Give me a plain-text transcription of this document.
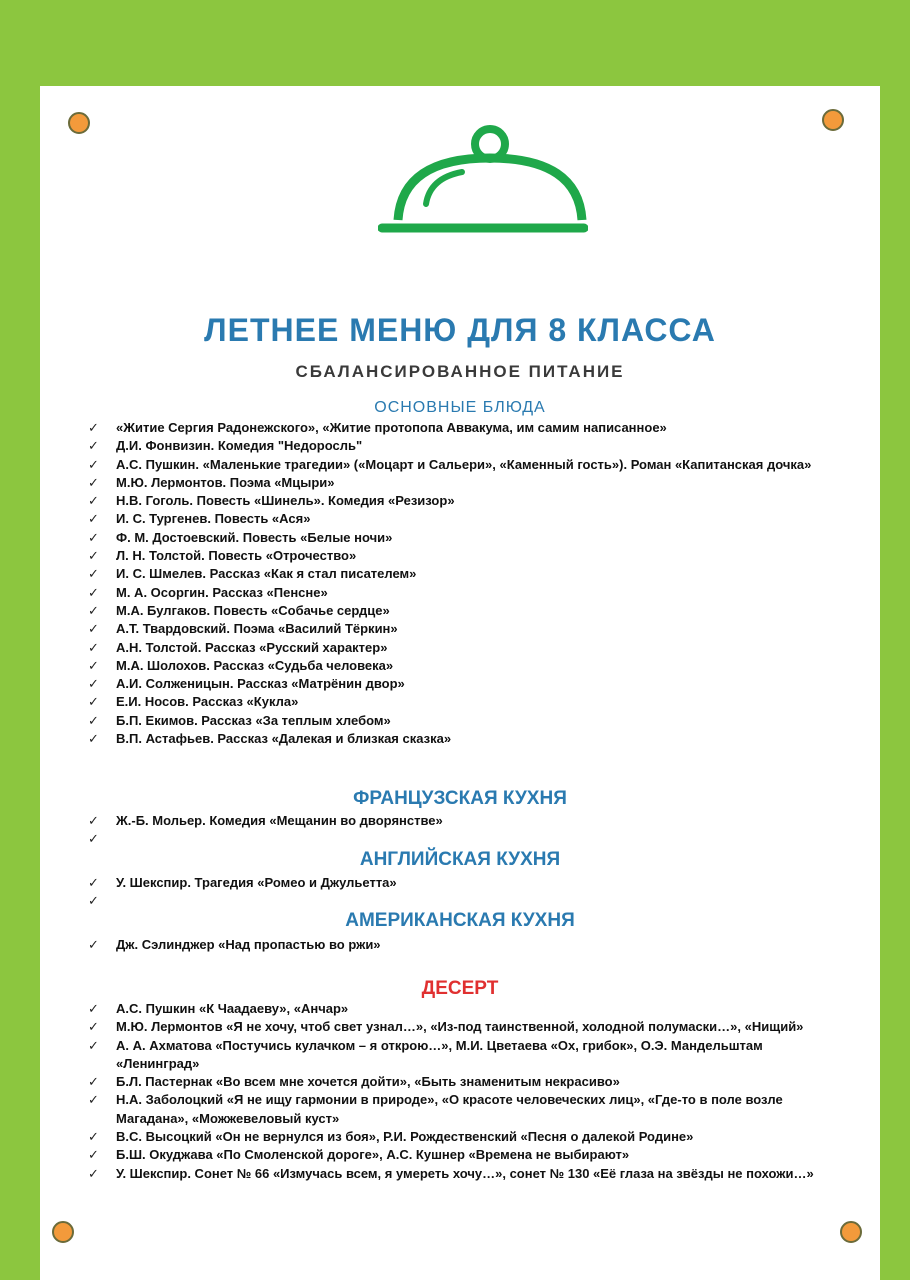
ЛЕТНЕЕ МЕНЮ ДЛЯ 8 КЛАССА
СБАЛАНСИРОВАННОЕ ПИТАНИЕ
ОСНОВНЫЕ БЛЮДА
✓ «Житие Сергия Радонежского», «Житие протопопа Аввакума, им самим написанное»
✓ Д.И. Фонвизин. Комедия "Недоросль"
✓ А.С. Пушкин. «Маленькие трагедии» («Моцарт и Сальери», «Каменный гость»). Роман «Капитанская дочка»
✓ М.Ю. Лермонтов. Поэма «Мцыри»
✓ Н.В. Гоголь. Повесть «Шинель». Комедия «Резизор»
✓ И. С. Тургенев. Повесть «Ася»
✓ Ф. М. Достоевский. Повесть «Белые ночи»
✓ Л. Н. Толстой. Повесть «Отрочество»
✓ И. С. Шмелев. Рассказ «Как я стал писателем»
✓ М. А. Осоргин. Рассказ «Пенсне»
✓ М.А. Булгаков. Повесть «Собачье сердце»
✓ А.Т. Твардовский. Поэма «Василий Тёркин»
✓ А.Н. Толстой. Рассказ «Русский характер»
✓ М.А. Шолохов. Рассказ «Судьба человека»
✓ А.И. Солженицын. Рассказ «Матрёнин двор»
✓ Е.И. Носов. Рассказ «Кукла»
✓ Б.П. Екимов. Рассказ «За теплым хлебом»
✓ В.П. Астафьев. Рассказ «Далекая и близкая сказка»
ФРАНЦУЗСКАЯ КУХНЯ
✓ Ж.-Б. Мольер. Комедия «Мещанин во дворянстве»
✓
АНГЛИЙСКАЯ КУХНЯ
✓ У. Шекспир. Трагедия «Ромео и Джульетта»
✓
АМЕРИКАНСКАЯ КУХНЯ
✓ Дж. Сэлинджер «Над пропастью во ржи»
ДЕСЕРТ
✓ А.С. Пушкин «К Чаадаеву», «Анчар»
✓ М.Ю. Лермонтов «Я не хочу, чтоб свет узнал…», «Из-под таинственной, холодной полумаски…», «Нищий»
✓ А. А. Ахматова «Постучись кулачком – я открою…», М.И. Цветаева «Ох, грибок», О.Э. Мандельштам «Ленинград»
✓ Б.Л. Пастернак «Во всем мне хочется дойти», «Быть знаменитым некрасиво»
✓ Н.А. Заболоцкий «Я не ищу гармонии в природе», «О красоте человеческих лиц», «Где-то в поле возле Магадана», «Можжевеловый куст»
✓ В.С. Высоцкий «Он не вернулся из боя», Р.И. Рождественский «Песня о далекой Родине»
✓ Б.Ш. Окуджава «По Смоленской дороге», А.С. Кушнер «Времена не выбирают»
✓ У. Шекспир. Сонет № 66 «Измучась всем, я умереть хочу…», сонет № 130 «Её глаза на звёзды не похожи…»
